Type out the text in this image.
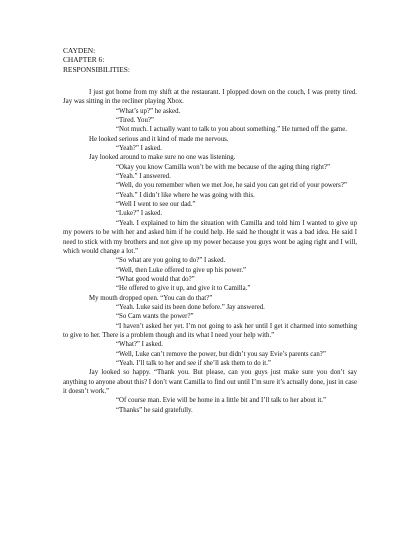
CAYDEN:
CHAPTER 6:
RESPONSIBILITIES:

I just got home from my shift at the restaurant. I plopped down on the couch, I was pretty tired. Jay was sitting in the recliner playing Xbox.

“What’s up?” he asked.

“Tired. You?”

“Not much. I actually want to talk to you about something.” He turned off the game.

He looked serious and it kind of made me nervous.

“Yeah?” I asked.

Jay looked around to make sure no one was listening.

“Okay you know Camilla won’t be with me because of the aging thing right?”

“Yeah.” I answered.

“Well, do you remember when we met Joe, he said you can get rid of your powers?”

“Yeah.” I didn’t like where he was going with this.

“Well I went to see our dad.”

“Luke?” I asked.

“Yeah. I explained to him the situation with Camilla and told him I wanted to give up my powers to be with her and asked him if he could help. He said he thought it was a bad idea. He said I need to stick with my brothers and not give up my power because you guys wont be aging right and I will, which would change a lot.”

“So what are you going to do?” I asked.

“Well, then Luke offered to give up his power.”

“What good would that do?”

“He offered to give it up, and give it to Camilla.”

My mouth dropped open. “You can do that?”

“Yeah. Luke said its been done before.” Jay answered.

“So Cam wants the power?”

“I haven’t asked her yet. I’m not going to ask her until I get it charmed into something to give to her. There is a problem though and its what I need your help with.”

“What?” I asked.

“Well, Luke can’t remove the power, but didn’t you say Evie’s parents can?”

“Yeah. I’ll talk to her and see if she’ll ask them to do it.”

Jay looked so happy. “Thank you. But please, can you guys just make sure you don’t say anything to anyone about this? I don’t want Camilla to find out until I’m sure it’s actually done, just in case it doesn’t work.”

“Of course man. Evie will be home in a little bit and I’ll talk to her about it.”

“Thanks” he said gratefully.
